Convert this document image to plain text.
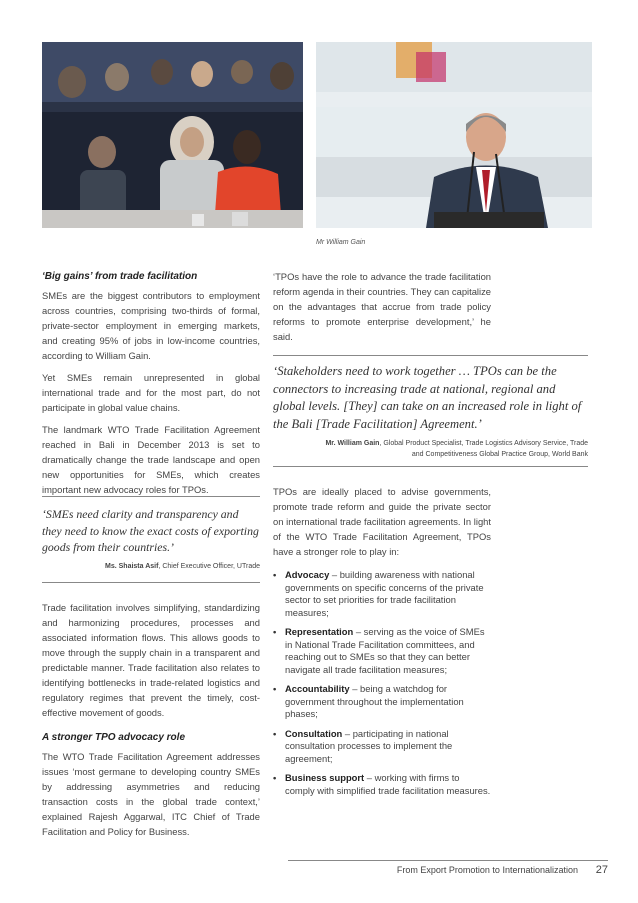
Mr William Gain
‘Big gains’ from trade facilitation

SMEs are the biggest contributors to employment across countries, comprising two-thirds of formal, private-sector employment in emerging markets, and creating 95% of jobs in low-income countries, according to William Gain.

Yet SMEs remain unrepresented in global international trade and for the most part, do not participate in global value chains.

The landmark WTO Trade Facilitation Agreement reached in Bali in December 2013 is set to dramatically change the trade landscape and open new opportunities for SMEs, which creates important new advocacy roles for TPOs.

‘SMEs need clarity and transparency and they need to know the exact costs of exporting goods from their countries.’
Ms. Shaista Asif, Chief Executive Officer, UTrade

Trade facilitation involves simplifying, standardizing and harmonizing procedures, processes and associated information flows. This allows goods to move through the supply chain in a transparent and predictable manner. Trade facilitation also relates to identifying bottlenecks in trade-related logistics and regulatory regimes that prevent the timely, cost-effective movement of goods.

A stronger TPO advocacy role

The WTO Trade Facilitation Agreement addresses issues ‘most germane to developing country SMEs by addressing asymmetries and reducing transaction costs in the global trade context,’ explained Rajesh Aggarwal, ITC Chief of Trade Facilitation and Policy for Business.

‘TPOs have the role to advance the trade facilitation reform agenda in their countries. They can capitalize on the advantages that accrue from trade policy reforms to promote enterprise development,’ he said.

‘Stakeholders need to work together … TPOs can be the connectors to increasing trade at national, regional and global levels. [They] can take on an increased role in light of the Bali [Trade Facilitation] Agreement.’
Mr. William Gain, Global Product Specialist, Trade Logistics Advisory Service, Trade and Competitiveness Global Practice Group, World Bank

TPOs are ideally placed to advise governments, promote trade reform and guide the private sector on international trade facilitation agreements. In light of the WTO Trade Facilitation Agreement, TPOs have a stronger role to play in:

• Advocacy – building awareness with national governments on specific concerns of the private sector to set priorities for trade facilitation measures;
• Representation – serving as the voice of SMEs in National Trade Facilitation committees, and reaching out to SMEs so that they can better navigate all trade facilitation measures;
• Accountability – being a watchdog for government throughout the implementation phases;
• Consultation – participating in national consultation processes to implement the agreement;
• Business support – working with firms to comply with simplified trade facilitation measures.
From Export Promotion to Internationalization 27
